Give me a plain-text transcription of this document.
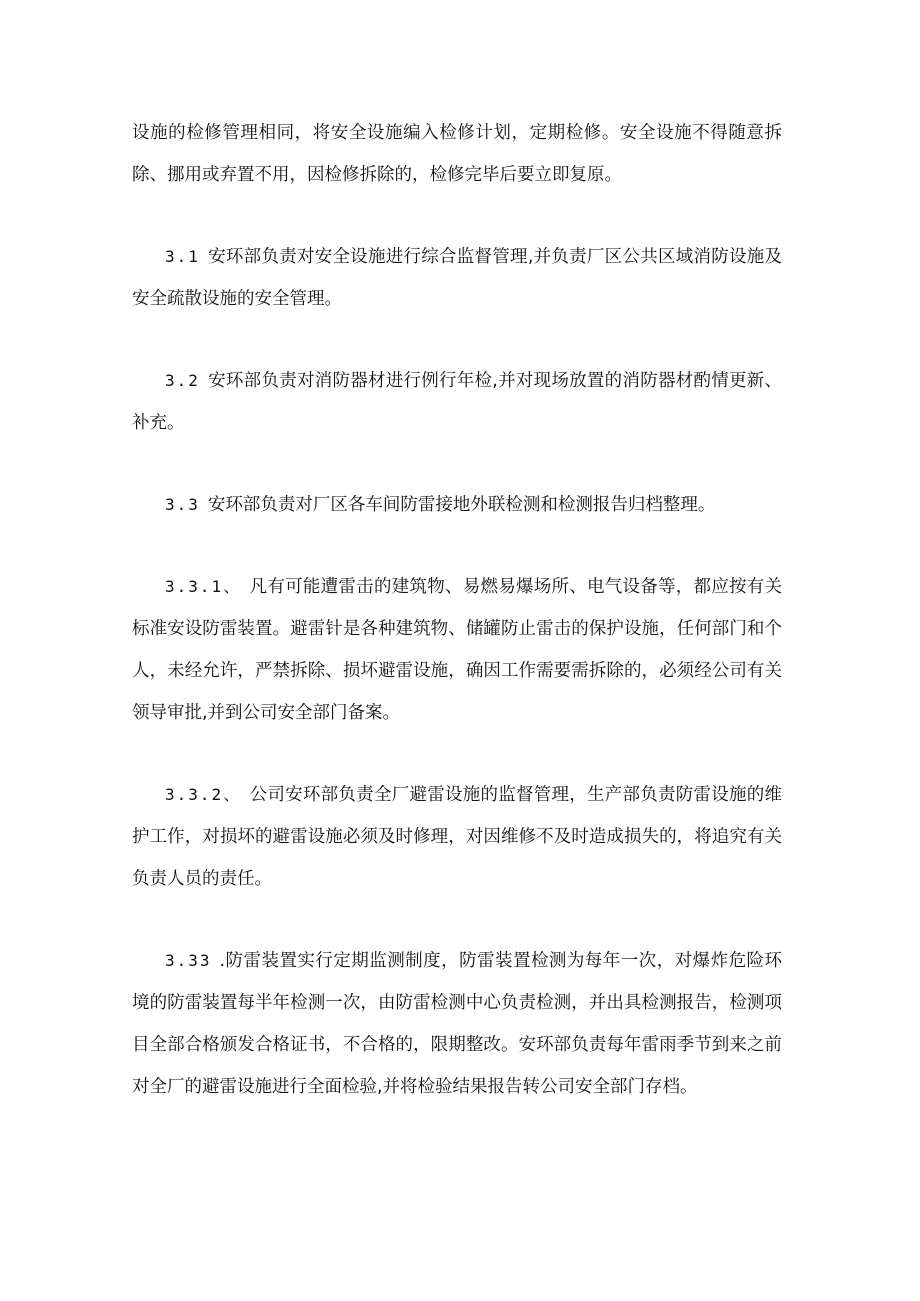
设施的检修管理相同，将安全设施编入检修计划，定期检修。安全设施不得随意拆除、挪用或弃置不用，因检修拆除的，检修完毕后要立即复原。

3.1 安环部负责对安全设施进行综合监督管理,并负责厂区公共区域消防设施及安全疏散设施的安全管理。

3.2 安环部负责对消防器材进行例行年检,并对现场放置的消防器材酌情更新、补充。

3.3 安环部负责对厂区各车间防雷接地外联检测和检测报告归档整理。

3.3.1、 凡有可能遭雷击的建筑物、易燃易爆场所、电气设备等，都应按有关标准安设防雷装置。避雷针是各种建筑物、储罐防止雷击的保护设施，任何部门和个人，未经允许，严禁拆除、损坏避雷设施，确因工作需要需拆除的，必须经公司有关领导审批,并到公司安全部门备案。

3.3.2、 公司安环部负责全厂避雷设施的监督管理，生产部负责防雷设施的维护工作，对损坏的避雷设施必须及时修理，对因维修不及时造成损失的，将追究有关负责人员的责任。

3.33 .防雷装置实行定期监测制度，防雷装置检测为每年一次，对爆炸危险环境的防雷装置每半年检测一次，由防雷检测中心负责检测，并出具检测报告，检测项目全部合格颁发合格证书，不合格的，限期整改。安环部负责每年雷雨季节到来之前对全厂的避雷设施进行全面检验,并将检验结果报告转公司安全部门存档。
